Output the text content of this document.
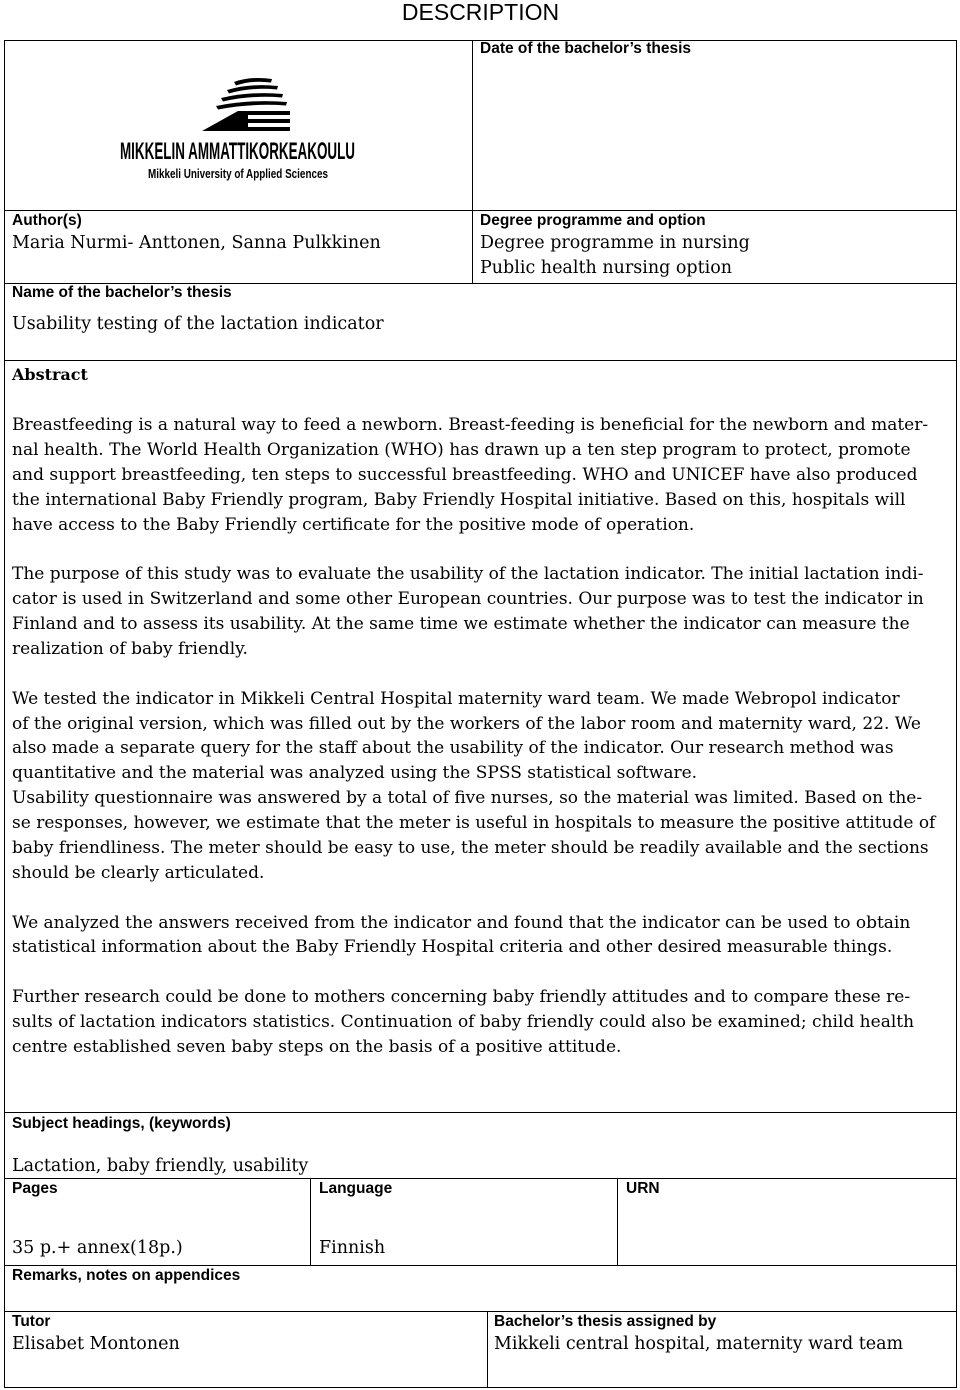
DESCRIPTION
MIKKELIN AMMATTIKORKEAKOULU
Mikkeli University of Applied Sciences
Date of the bachelor’s thesis
Author(s)
Maria Nurmi- Anttonen, Sanna Pulkkinen
Degree programme and option
Degree programme in nursing
Public health nursing option
Name of the bachelor’s thesis
Usability testing of the lactation indicator
Abstract
Breastfeeding is a natural way to feed a newborn. Breast-feeding is beneficial for the newborn and mater-
nal health. The World Health Organization (WHO) has drawn up a ten step program to protect, promote
and support breastfeeding, ten steps to successful breastfeeding. WHO and UNICEF have also produced
the international Baby Friendly program, Baby Friendly Hospital initiative. Based on this, hospitals will
have access to the Baby Friendly certificate for the positive mode of operation.
The purpose of this study was to evaluate the usability of the lactation indicator. The initial lactation indi-
cator is used in Switzerland and some other European countries. Our purpose was to test the indicator in
Finland and to assess its usability. At the same time we estimate whether the indicator can measure the
realization of baby friendly.
We tested the indicator in Mikkeli Central Hospital maternity ward team. We made Webropol indicator
of the original version, which was filled out by the workers of the labor room and maternity ward, 22. We
also made a separate query for the staff about the usability of the indicator. Our research method was
quantitative and the material was analyzed using the SPSS statistical software.
Usability questionnaire was answered by a total of five nurses, so the material was limited. Based on the-
se responses, however, we estimate that the meter is useful in hospitals to measure the positive attitude of
baby friendliness. The meter should be easy to use, the meter should be readily available and the sections
should be clearly articulated.
We analyzed the answers received from the indicator and found that the indicator can be used to obtain
statistical information about the Baby Friendly Hospital criteria and other desired measurable things.
Further research could be done to mothers concerning baby friendly attitudes and to compare these re-
sults of lactation indicators statistics. Continuation of baby friendly could also be examined; child health
centre established seven baby steps on the basis of a positive attitude.
Subject headings, (keywords)
Lactation, baby friendly, usability
Pages	Language	URN
35 p.+ annex(18p.)	Finnish
Remarks, notes on appendices
Tutor
Elisabet Montonen
Bachelor’s thesis assigned by
Mikkeli central hospital, maternity ward team
